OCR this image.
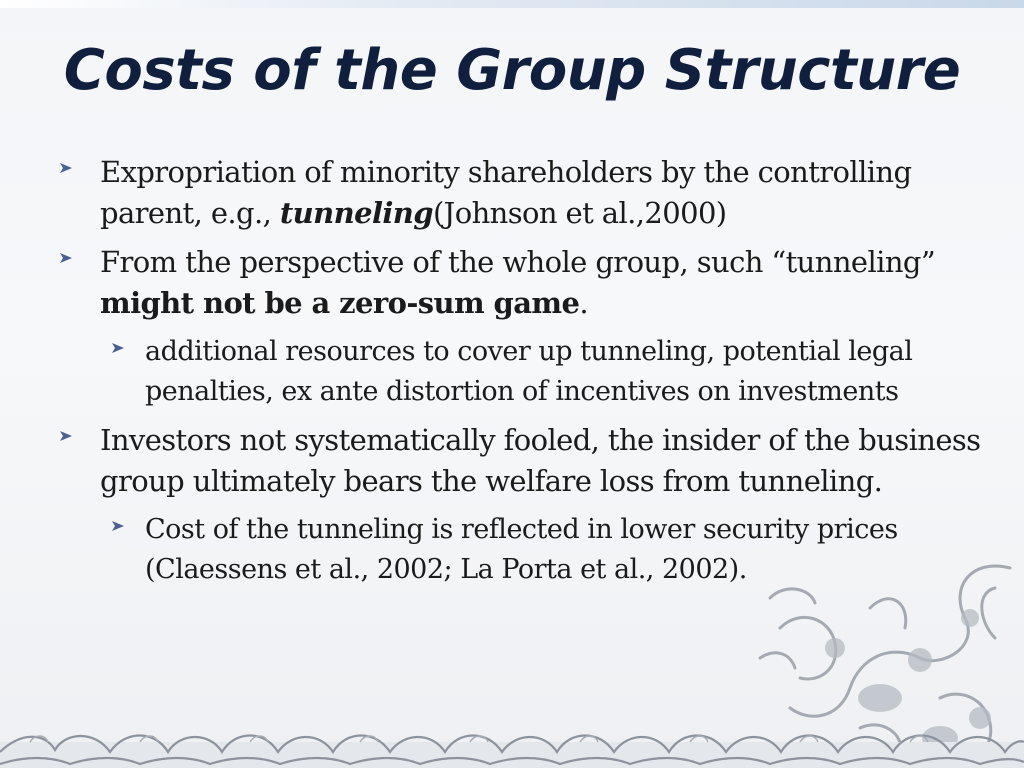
Costs of the Group Structure
Expropriation of minority shareholders by the controlling parent, e.g., tunneling(Johnson et al.,2000)
From the perspective of the whole group, such “tunneling” might not be a zero-sum game.
additional resources to cover up tunneling, potential legal penalties, ex ante distortion of incentives on investments
Investors not systematically fooled, the insider of the business group ultimately bears the welfare loss from tunneling.
Cost of the tunneling is reflected in lower security prices (Claessens et al., 2002; La Porta et al., 2002).
